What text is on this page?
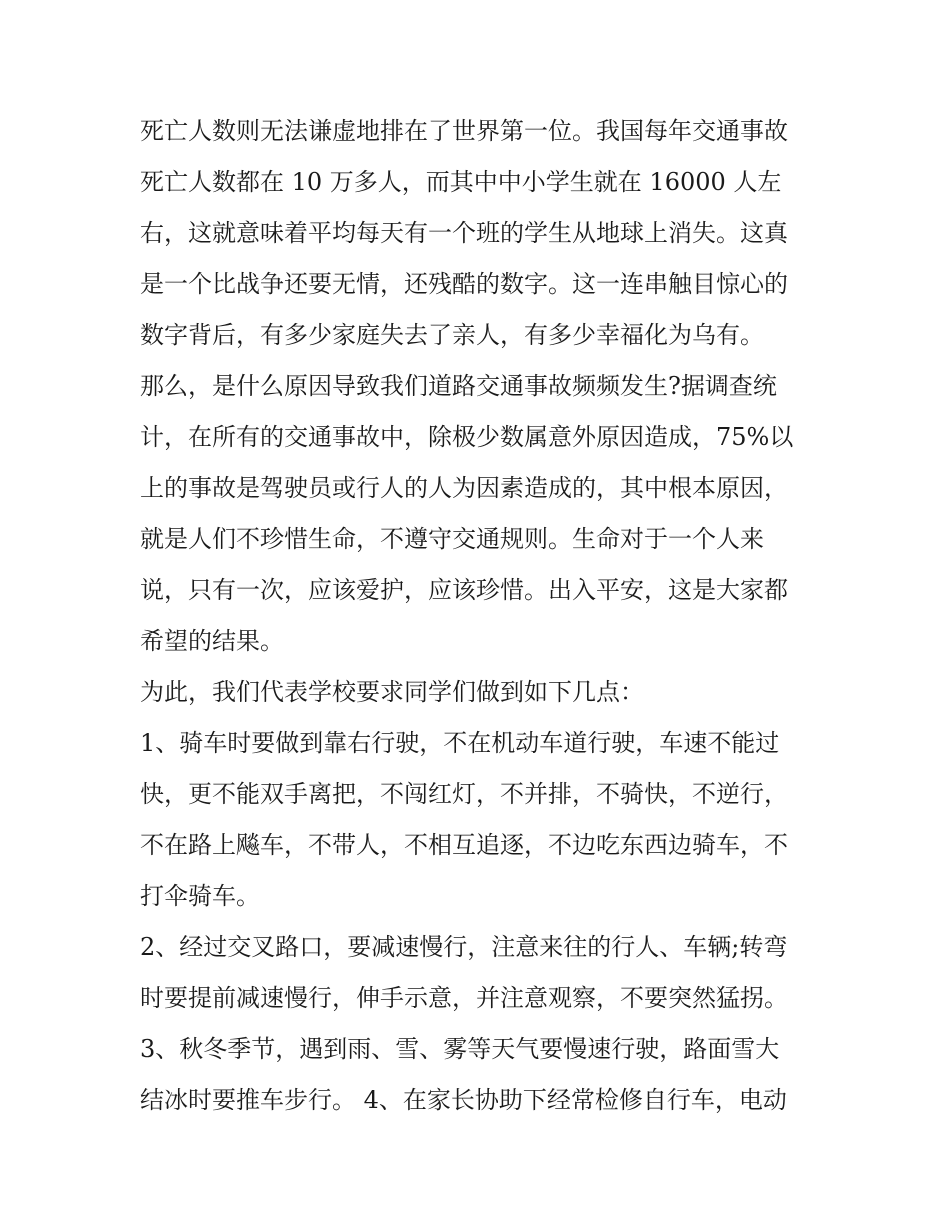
死亡人数则无法谦虚地排在了世界第一位。我国每年交通事故

死亡人数都在 10 万多人，而其中中小学生就在 16000 人左

右，这就意味着平均每天有一个班的学生从地球上消失。这真

是一个比战争还要无情，还残酷的数字。这一连串触目惊心的

数字背后，有多少家庭失去了亲人，有多少幸福化为乌有。

那么，是什么原因导致我们道路交通事故频频发生?据调查统

计，在所有的交通事故中，除极少数属意外原因造成，75%以

上的事故是驾驶员或行人的人为因素造成的，其中根本原因，

就是人们不珍惜生命，不遵守交通规则。生命对于一个人来

说，只有一次，应该爱护，应该珍惜。出入平安，这是大家都

希望的结果。

为此，我们代表学校要求同学们做到如下几点：

1、骑车时要做到靠右行驶，不在机动车道行驶，车速不能过

快，更不能双手离把，不闯红灯，不并排，不骑快，不逆行，

不在路上飚车，不带人，不相互追逐，不边吃东西边骑车，不

打伞骑车。

2、经过交叉路口，要减速慢行，注意来往的行人、车辆;转弯

时要提前减速慢行，伸手示意，并注意观察，不要突然猛拐。

3、秋冬季节，遇到雨、雪、雾等天气要慢速行驶，路面雪大

结冰时要推车步行。 4、在家长协助下经常检修自行车，电动
